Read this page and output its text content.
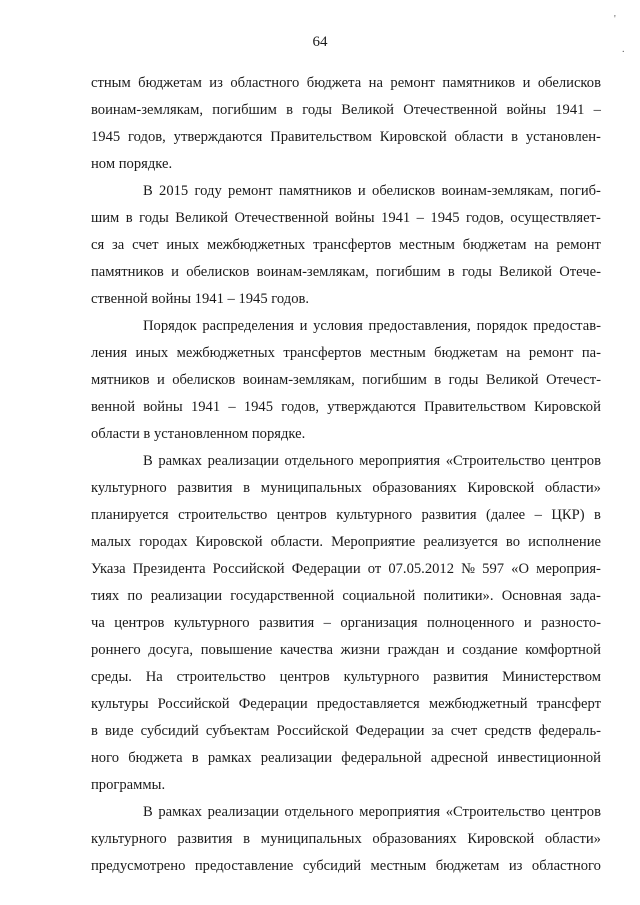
64
стным бюджетам из областного бюджета на ремонт памятников и обелисков
воинам-землякам, погибшим в годы Великой Отечественной войны 1941 –
1945 годов, утверждаются Правительством Кировской области в установлен-
ном порядке.
В 2015 году ремонт памятников и обелисков воинам-землякам, погиб-
шим в годы Великой Отечественной войны 1941 – 1945 годов, осуществляет-
ся за счет иных межбюджетных трансфертов местным бюджетам на ремонт
памятников и обелисков воинам-землякам, погибшим в годы Великой Отече-
ственной войны 1941 – 1945 годов.
Порядок распределения и условия предоставления, порядок предостав-
ления иных межбюджетных трансфертов местным бюджетам на ремонт па-
мятников и обелисков воинам-землякам, погибшим в годы Великой Отечест-
венной войны 1941 – 1945 годов, утверждаются Правительством Кировской
области в установленном порядке.
В рамках реализации отдельного мероприятия «Строительство центров
культурного развития в муниципальных образованиях Кировской области»
планируется строительство центров культурного развития (далее – ЦКР) в
малых городах Кировской области. Мероприятие реализуется во исполнение
Указа Президента Российской Федерации от 07.05.2012 № 597 «О мероприя-
тиях по реализации государственной социальной политики». Основная зада-
ча центров культурного развития – организация полноценного и разносто-
роннего досуга, повышение качества жизни граждан и создание комфортной
среды. На строительство центров культурного развития Министерством
культуры Российской Федерации предоставляется межбюджетный трансферт
в виде субсидий субъектам Российской Федерации за счет средств федераль-
ного бюджета в рамках реализации федеральной адресной инвестиционной
программы.
В рамках реализации отдельного мероприятия «Строительство центров
культурного развития в муниципальных образованиях Кировской области»
предусмотрено предоставление субсидий местным бюджетам из областного
'
.
